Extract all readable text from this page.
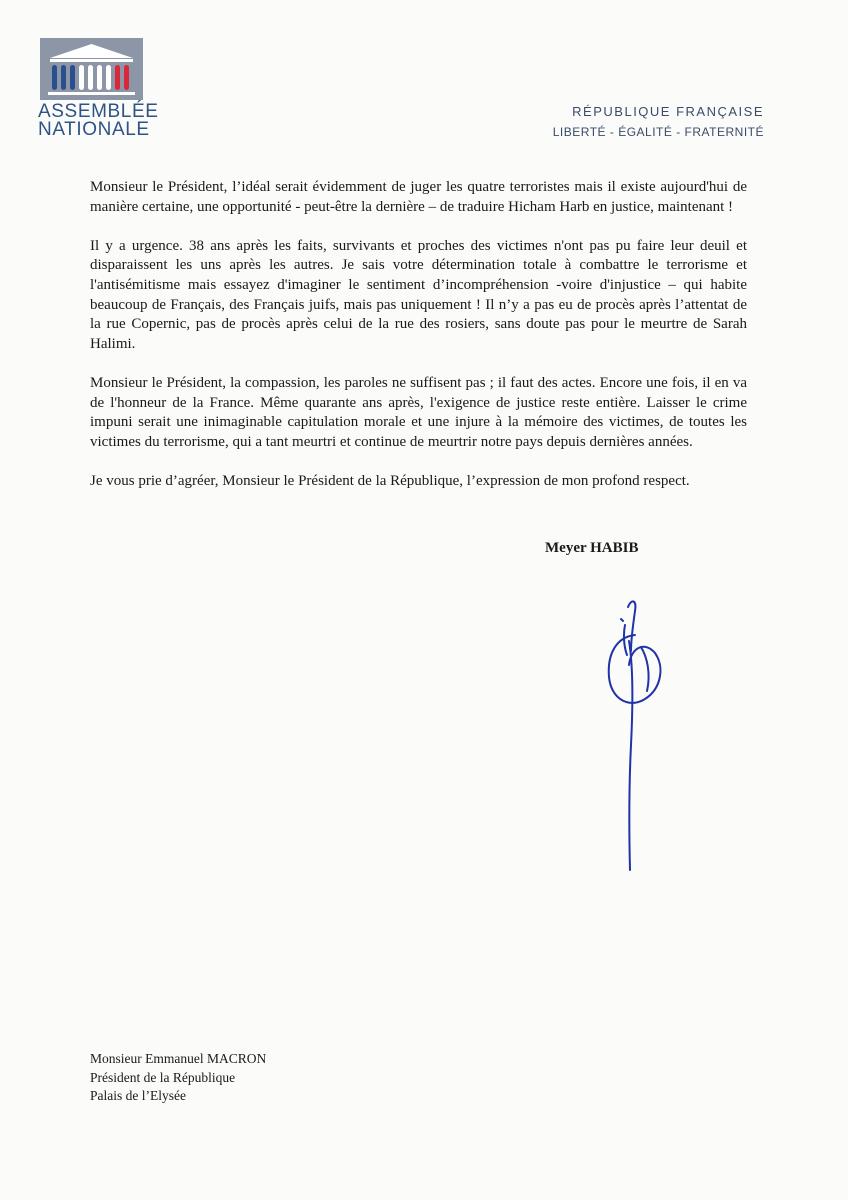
ASSEMBLÉE
NATIONALE
RÉPUBLIQUE FRANÇAISE
LIBERTÉ - ÉGALITÉ - FRATERNITÉ

Monsieur le Président, l’idéal serait évidemment de juger les quatre terroristes mais il existe aujourd'hui de manière certaine, une opportunité - peut-être la dernière – de traduire Hicham Harb en justice, maintenant !

Il y a urgence. 38 ans après les faits, survivants et proches des victimes n'ont pas pu faire leur deuil et disparaissent les uns après les autres. Je sais votre détermination totale à combattre le terrorisme et l'antisémitisme mais essayez d'imaginer le sentiment d’incompréhension -voire d'injustice – qui habite beaucoup de Français, des Français juifs, mais pas uniquement ! Il n’y a pas eu de procès après l’attentat de la rue Copernic, pas de procès après celui de la rue des rosiers, sans doute pas pour le meurtre de Sarah Halimi.

Monsieur le Président, la compassion, les paroles ne suffisent pas ; il faut des actes. Encore une fois, il en va de l'honneur de la France. Même quarante ans après, l'exigence de justice reste entière. Laisser le crime impuni serait une inimaginable capitulation morale et une injure à la mémoire des victimes, de toutes les victimes du terrorisme, qui a tant meurtri et continue de meurtrir notre pays depuis dernières années.

Je vous prie d’agréer, Monsieur le Président de la République, l’expression de mon profond respect.

Meyer HABIB
Monsieur Emmanuel MACRON
Président de la République
Palais de l’Elysée
